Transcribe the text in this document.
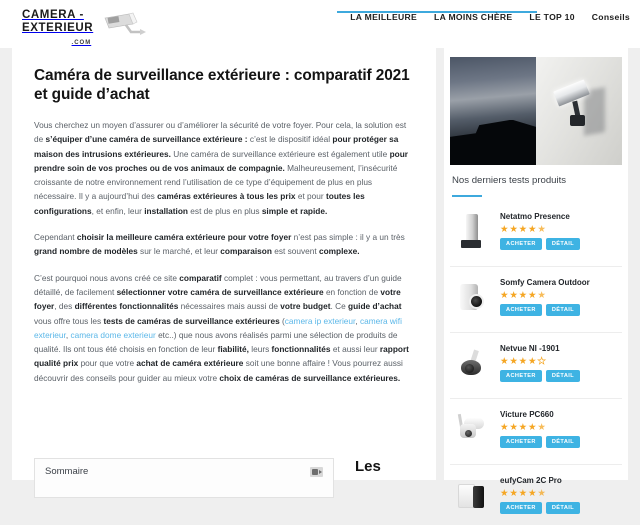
CAMERA -
EXTERIEUR
.COM
LA MEILLEURE LA MOINS CHÈRE LE TOP 10 Conseils
Caméra de surveillance extérieure : comparatif 2021 et guide d’achat

Vous cherchez un moyen d’assurer ou d’améliorer la sécurité de votre foyer. Pour cela, la solution est de s’équiper d’une caméra de surveillance extérieure : c’est le dispositif idéal pour protéger sa maison des intrusions extérieures. Une caméra de surveillance extérieure est également utile pour prendre soin de vos proches ou de vos animaux de compagnie. Malheureusement, l’insécurité croissante de notre environnement rend l’utilisation de ce type d’équipement de plus en plus nécessaire. Il y a aujourd’hui des caméras extérieures à tous les prix et pour toutes les configurations, et enfin, leur installation est de plus en plus simple et rapide.

Cependant choisir la meilleure caméra extérieure pour votre foyer n’est pas simple : il y a un très grand nombre de modèles sur le marché, et leur comparaison est souvent complexe.

C’est pourquoi nous avons créé ce site comparatif complet : vous permettant, au travers d’un guide détaillé, de facilement sélectionner votre caméra de surveillance extérieure en fonction de votre foyer, des différentes fonctionnalités nécessaires mais aussi de votre budget. Ce guide d’achat vous offre tous les tests de caméras de surveillance extérieures (camera ip exterieur, camera wifi exterieur, camera dome exterieur etc..) que nous avons réalisés parmi une sélection de produits de qualité. Ils ont tous été choisis en fonction de leur fiabilité, leurs fonctionnalités et aussi leur rapport qualité prix pour que votre achat de caméra extérieure soit une bonne affaire ! Vous pourrez aussi découvrir des conseils pour guider au mieux votre choix de caméras de surveillance extérieures.

Sommaire	Les
Nos derniers tests produits
Netatmo Presence
★★★★★
ACHETER	DÉTAIL
Somfy Camera Outdoor
★★★★★
ACHETER	DÉTAIL
Netvue NI -1901
★★★★★
ACHETER	DÉTAIL
Victure PC660
★★★★★
ACHETER	DÉTAIL
eufyCam 2C Pro
★★★★★
ACHETER	DÉTAIL
